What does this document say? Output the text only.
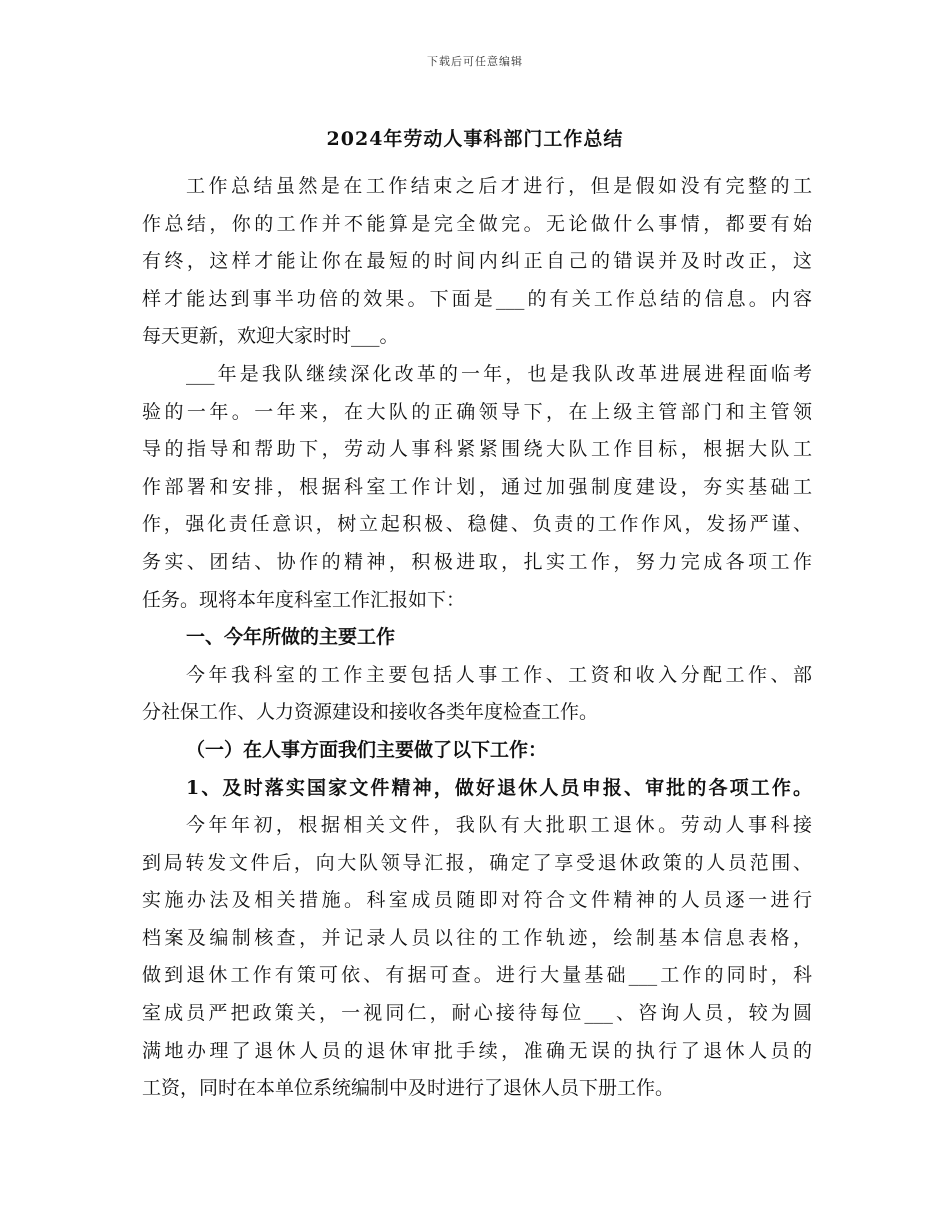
下载后可任意编辑
2024年劳动人事科部门工作总结
工作总结虽然是在工作结束之后才进行，但是假如没有完整的工
作总结，你的工作并不能算是完全做完。无论做什么事情，都要有始
有终，这样才能让你在最短的时间内纠正自己的错误并及时改正，这
样才能达到事半功倍的效果。下面是___的有关工作总结的信息。内容
每天更新，欢迎大家时时___。
___年是我队继续深化改革的一年，也是我队改革进展进程面临考
验的一年。一年来，在大队的正确领导下，在上级主管部门和主管领
导的指导和帮助下，劳动人事科紧紧围绕大队工作目标，根据大队工
作部署和安排，根据科室工作计划，通过加强制度建设，夯实基础工
作，强化责任意识，树立起积极、稳健、负责的工作作风，发扬严谨、
务实、团结、协作的精神，积极进取，扎实工作，努力完成各项工作
任务。现将本年度科室工作汇报如下：
一、今年所做的主要工作
今年我科室的工作主要包括人事工作、工资和收入分配工作、部
分社保工作、人力资源建设和接收各类年度检查工作。
（一）在人事方面我们主要做了以下工作：
1、及时落实国家文件精神，做好退休人员申报、审批的各项工作。
今年年初，根据相关文件，我队有大批职工退休。劳动人事科接
到局转发文件后，向大队领导汇报，确定了享受退休政策的人员范围、
实施办法及相关措施。科室成员随即对符合文件精神的人员逐一进行
档案及编制核查，并记录人员以往的工作轨迹，绘制基本信息表格，
做到退休工作有策可依、有据可查。进行大量基础___工作的同时，科
室成员严把政策关，一视同仁，耐心接待每位___、咨询人员，较为圆
满地办理了退休人员的退休审批手续，准确无误的执行了退休人员的
工资，同时在本单位系统编制中及时进行了退休人员下册工作。
